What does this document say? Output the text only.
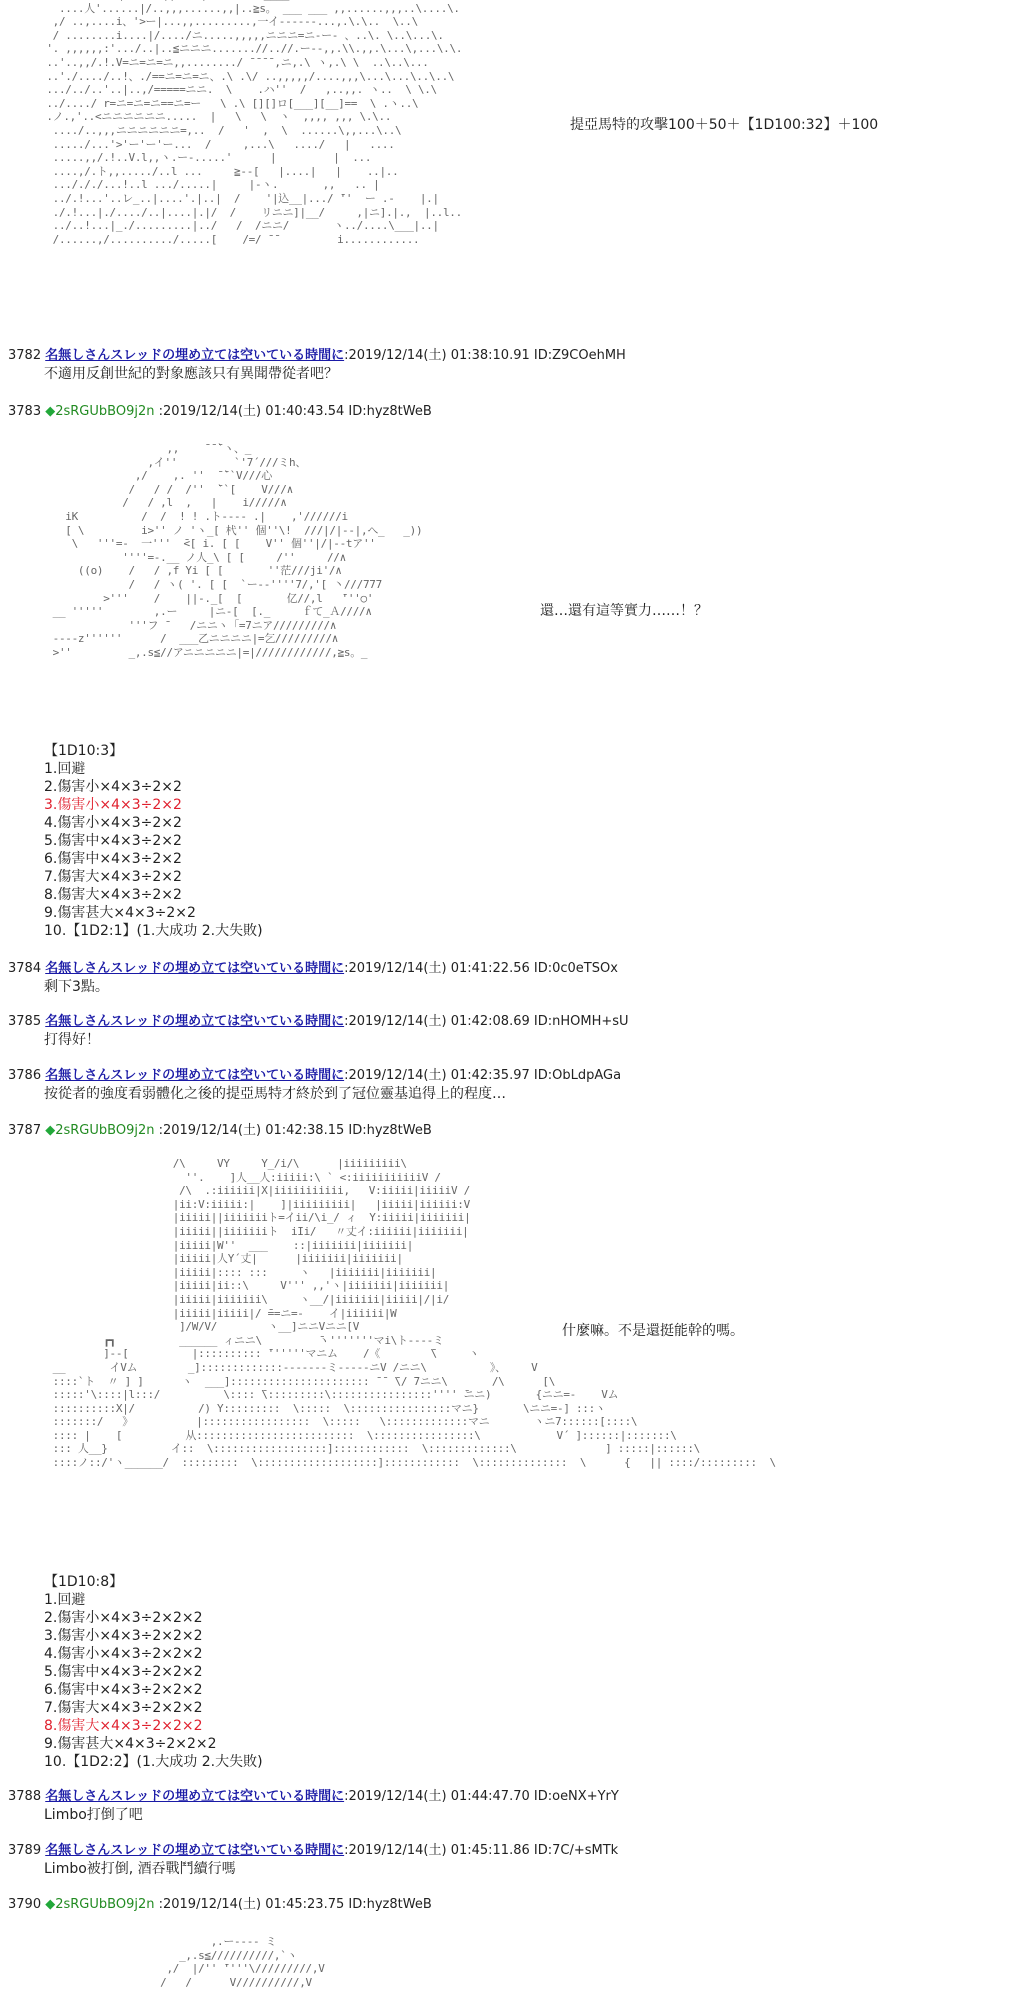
....人'......|/..,,,......,,|..≧s。 ___ ___ ,,......,,,..\....\.
,/ ..,....i、'>ー|...,,.........,一イ------...,.\.\..  \..\
/ ........i....|/..../ニ.....,,,,,ニニニ=ニ-ー- 、..\. \..\...\.
'. ,,,,,,:'.../..|..≦ニニニ.......//..//.ー--,,.\\.,,.\...\,...\.\.
..'..,,/.!.V=ニ=ニ=ニ,,......../ ̄ ̄ ̄ ̄ ,ニ,.\ ヽ,.\ \  ..\..\...
..'./..../..!、./==ニ=ニ=ニ、.\ .\/ ..,,,,,/....,,,\...\...\..\..\
.../../..'..|..,/=====ニニ.  \    .ハ''  /   ,..,,. ヽ..  \ \.\
../..../ r=ニ=ニ=ニ==ニ=ー   \ .\ [][]ロ[___][__]==  \ .ヽ..\
.ノ.,'..<ニニニニニニ.....  |   \   \  ヽ  ,,,, ,,, \.\..
..../..,,,ニニニニニニ=,..  /   '  ,  \  ......\,,...\..\
...../...'>'ー'ー'ー...  /     ,...\   ..../   |   ....
.....,,/.!..V.l,,ヽ.ー-.....'      |         |  ...
....,/.ト,,...../..l ...     ≧‐‐[   |....|   |    ..|..
.../././...!..l .../.....|     |‐ヽ.       ,,   .. |
../.!...'..レ_..|....'.|..|  /    '|込__|.../ ̄''  ー .-    |.|
./.!...|./..../..|....|.|/  /    リニニ]|__/     ,|ニ].|.,  |..l..
../..!...|_./.........|../   /  /ニニ/       ヽ../....\___|..|
/......,/........../.....[    /=/ ̄ ̄          i............
提亞馬特的攻擊100＋50＋【1D100:32】＋100
3782 名無しさんスレッドの埋め立ては空いている時間に:2019/12/14(土) 01:38:10.91 ID:Z9COehMH
不適用反創世紀的對象應該只有異聞帶從者吧？
3783 ◆2sRGUbBO9j2n :2019/12/14(土) 01:40:43.54 ID:hyz8tWeB
,,    ̄ ̄ ̄`ヽ、_
,イ''         `'7´///ミh、
,/    ,. ''  ̄ ̄``V///心
/   / /  /''  ̄``[    V///∧
/   / ,l  ,   |    i/////∧
iK          /  /  ! ! .ト---- .|    ,'//////i
[ \         i>'' ノ 'ヽ_[ 杙'' 個''\!  ///|/|--|,へ_   _))
\   '''=-  一'''  ̄<[ i. [ [    V'' 個''|/|--tア''
''''=-.__ ノ人_\ [ [     /''     //∧
((o)    /   / ,f Yi [ [       ''茫///ji'/∧
/   / ヽ( '. [ [  `ー-‐''''7/,'[ 丶///777
>'''    /    ||-._[  [       亿//,l   ̄'''○'
__ '''''        ,.ー     |ニ-[  [._     ｆて_Ａ////∧
'''フ ̄    /ニニヽ「=7ニア/////////∧
----z''''''      /  ___乙ニニニニ|=乞/////////∧
>''         _,.s≦//アニニニニニ|=|////////////,≧s。_
還…還有這等實力……！？
【1D10:3】
1.回避
2.傷害小×4×3÷2×2
3.傷害小×4×3÷2×2
4.傷害小×4×3÷2×2
5.傷害中×4×3÷2×2
6.傷害中×4×3÷2×2
7.傷害大×4×3÷2×2
8.傷害大×4×3÷2×2
9.傷害甚大×4×3÷2×2
10.【1D2:1】(1.大成功 2.大失敗)
3784 名無しさんスレッドの埋め立ては空いている時間に:2019/12/14(土) 01:41:22.56 ID:0c0eTSOx
剩下3點。
3785 名無しさんスレッドの埋め立ては空いている時間に:2019/12/14(土) 01:42:08.69 ID:nHOMH+sU
打得好！
3786 名無しさんスレッドの埋め立ては空いている時間に:2019/12/14(土) 01:42:35.97 ID:ObLdpAGa
按從者的強度看弱體化之後的提亞馬特才終於到了冠位靈基追得上的程度…
3787 ◆2sRGUbBO9j2n :2019/12/14(土) 01:42:38.15 ID:hyz8tWeB
/\     VY     Y_/i/\      |iiiiiiiii\
''.    ]人__人:iiiii:\ ` <:iiiiiiiiiiiV /
/\  .:iiiiii|X|iiiiiiiiiii,   V:iiiii|iiiiiV /
|ii:V:iiiii:|    ]|iiiiiiiii|   |iiiii|iiiiii:V
|iiiii||iiiiiiiト=イii/\i_/ ィ  Y:iiiii|iiiiiii|
|iiiii||iiiiiiiト  iIi/   〃丈イ:iiiiii|iiiiiii|
|iiiii|W''  ___    ::|iiiiiii|iiiiiii|
|iiiii|人Y´丈|      |iiiiiii|iiiiiii|
|iiiii|:::: :::     ヽ   |iiiiiii|iiiiiii|
|iiiii|ii::\     V''' ,,'ヽ|iiiiiii|iiiiiii|
|iiiii|iiiiiii\     ヽ__/|iiiiiii|iiiii|/|i/
|iiiii|iiiii|/ ̄==ニ=-    イ|iiiiii|W
]/W/V/        ヽ__]ニニVニニ[V
┏┓          ______ ィニニ\         ̄ヽ'''''''マi\ト----ミ
]--[          |:::::::::: ̄''''''マニム    /《        ̄\     ヽ
__       イVム        _]:::::::::::::-------ミ-----ニV /ニニ\          》、    V
::::`ト  〃 ] ]      ヽ  ___]:::::::::::::::::::::: ̄ ̄  ̄\/ ̄7ニニ\       /\      [\
:::::'\::::|l:::/          \:::: ̄\:::::::::\::::::::::::::::'''' ̄ニニ)       {ニニ=-    Vム
::::::::::X|/          /) Y:::::::::  \:::::  \::::::::::::::::マニ}       \ニニ=-] :::ヽ
:::::::/   》          |:::::::::::::::::  \:::::   \:::::::::::::マニ       ヽニ7::::::[::::\
:::: |    [          从:::::::::::::::::::::::::  \::::::::::::::::\            V´ ]::::::|:::::::\
::: 人__}          イ::  \::::::::::::::::::]::::::::::::  \:::::::::::::\              ] :::::|::::::\
::::ノ::/'ヽ______/  :::::::::  \:::::::::::::::::::]::::::::::::  \::::::::::::::  \      {   || ::::/:::::::::  \
什麼嘛。不是還挺能幹的嗎。
【1D10:8】
1.回避
2.傷害小×4×3÷2×2×2
3.傷害小×4×3÷2×2×2
4.傷害小×4×3÷2×2×2
5.傷害中×4×3÷2×2×2
6.傷害中×4×3÷2×2×2
7.傷害大×4×3÷2×2×2
8.傷害大×4×3÷2×2×2
9.傷害甚大×4×3÷2×2×2
10.【1D2:2】(1.大成功 2.大失敗)
3788 名無しさんスレッドの埋め立ては空いている時間に:2019/12/14(土) 01:44:47.70 ID:oeNX+YrY
Limbo打倒了吧
3789 名無しさんスレッドの埋め立ては空いている時間に:2019/12/14(土) 01:45:11.86 ID:7C/+sMTk
Limbo被打倒, 酒吞戰鬥續行嗎
3790 ◆2sRGUbBO9j2n :2019/12/14(土) 01:45:23.75 ID:hyz8tWeB
,.ー---- ミ
_,.s≦//////////,`ヽ
,/  |/'' ̄''''\/////////,V
/   /      V//////////,V
